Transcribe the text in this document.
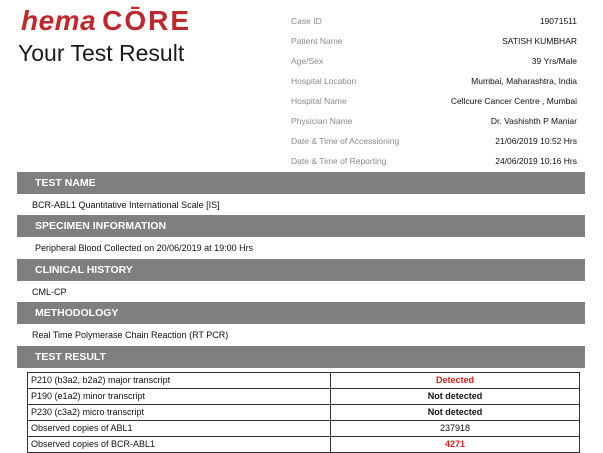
hema CŌRE
Your Test Result
Case ID	19071511
Patient Name	SATISH KUMBHAR
Age/Sex	39 Yrs/Male
Hospital Location	Mumbai, Maharashtra, India
Hospital Name	Cellcure Cancer Centre , Mumbai
Physician Name	Dr. Vashishth P Maniar
Date & Time of Accessioning	21/06/2019 10:52 Hrs
Date & Time of Reporting	24/06/2019 10:16 Hrs
TEST NAME
BCR-ABL1 Quantitative International Scale [IS]
SPECIMEN INFORMATION
Peripheral Blood Collected on 20/06/2019 at 19:00 Hrs
CLINICAL HISTORY
CML-CP
METHODOLOGY
Real Time Polymerase Chain Reaction (RT PCR)
TEST RESULT
P210 (b3a2, b2a2) major transcript	Detected
P190 (e1a2) minor transcript	Not detected
P230 (c3a2) micro transcript	Not detected
Observed copies of ABL1	237918
Observed copies of BCR-ABL1	4271
